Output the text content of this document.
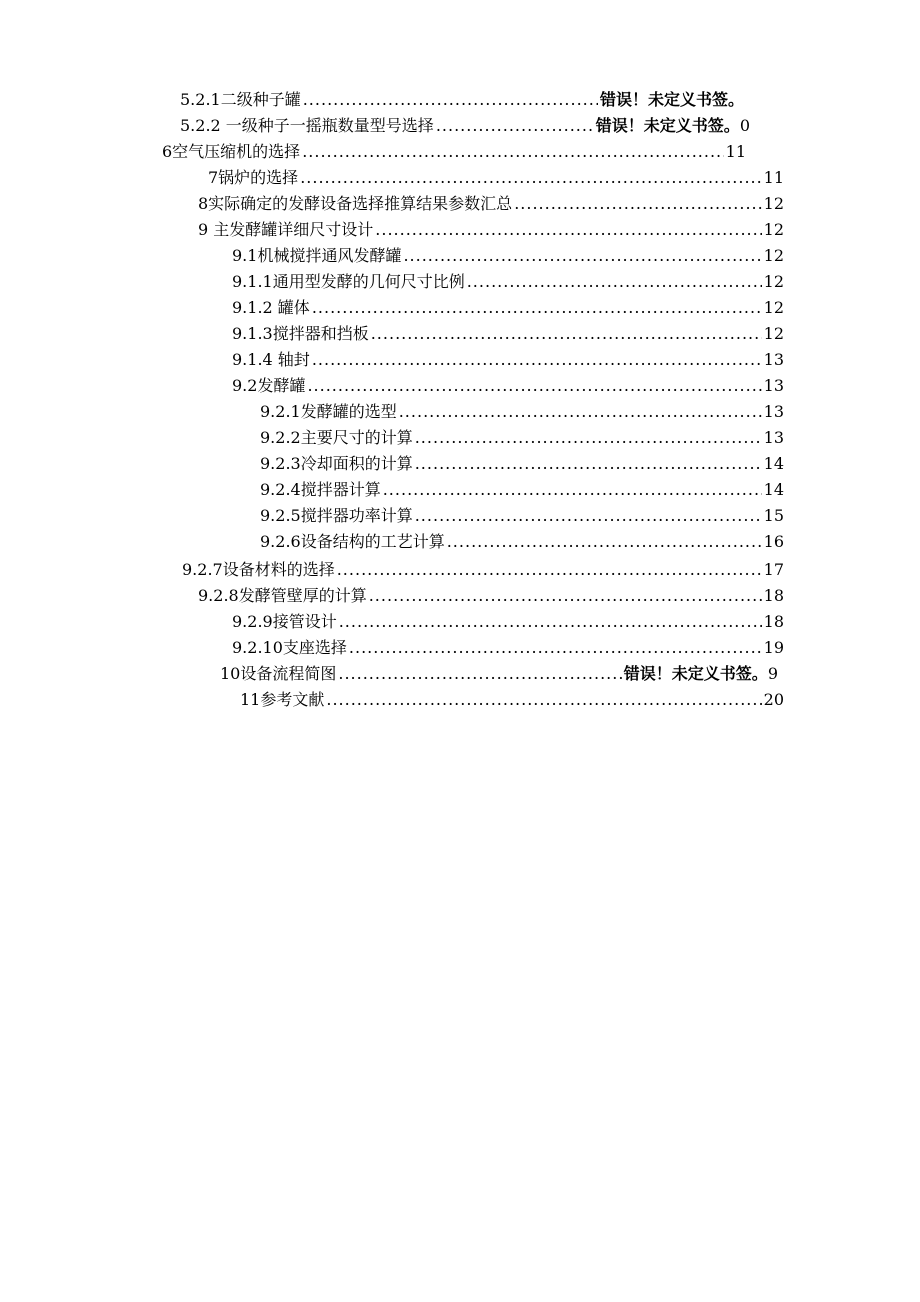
5.2.1二级种子罐 .....	错误！未定义书签。
5.2.2 一级种子一摇瓶数量型号选择 .....	错误！未定义书签。 0
6空气压缩机的选择 .....	11
7锅炉的选择 .....	11
8实际确定的发酵设备选择推算结果参数汇总 .....	12
9 主发酵罐详细尺寸设计 .....	12
9.1机械搅拌通风发酵罐 .....	12
9.1.1通用型发酵的几何尺寸比例 .....	12
9.1.2 罐体 .....	12
9.1.3搅拌器和挡板 .....	12
9.1.4 轴封 .....	13
9.2发酵罐 .....	13
9.2.1发酵罐的选型 .....	13
9.2.2主要尺寸的计算 .....	13
9.2.3冷却面积的计算 .....	14
9.2.4搅拌器计算 .....	14
9.2.5搅拌器功率计算 .....	15
9.2.6设备结构的工艺计算 .....	16
9.2.7设备材料的选择 .....	17
9.2.8发酵管壁厚的计算 .....	18
9.2.9接管设计 .....	18
9.2.10支座选择 .....	19
10设备流程简图 .....	错误！未定义书签。 9
11参考文献 .....	20
